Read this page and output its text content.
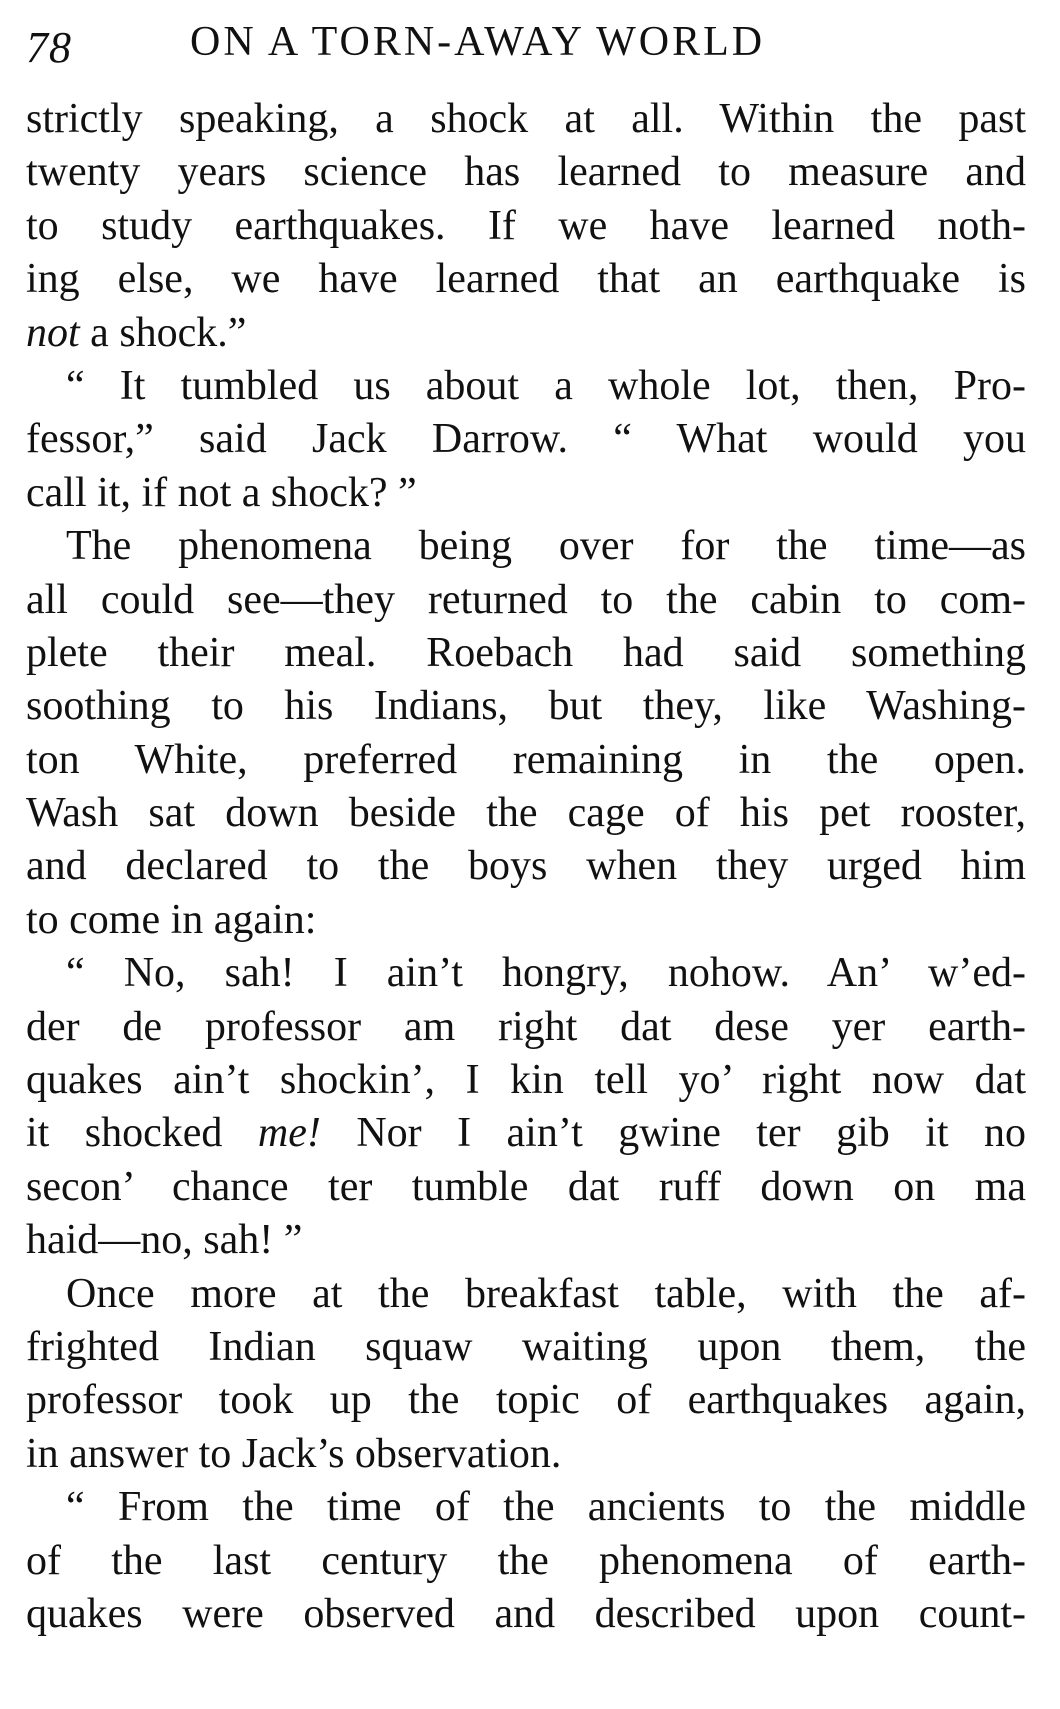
78	ON A TORN-AWAY WORLD
strictly speaking, a shock at all. Within the past
twenty years science has learned to measure and
to study earthquakes. If we have learned noth-
ing else, we have learned that an earthquake is
not a shock.”
“ It tumbled us about a whole lot, then, Pro-
fessor,” said Jack Darrow. “ What would you
call it, if not a shock? ”
The phenomena being over for the time—as
all could see—they returned to the cabin to com-
plete their meal. Roebach had said something
soothing to his Indians, but they, like Washing-
ton White, preferred remaining in the open.
Wash sat down beside the cage of his pet rooster,
and declared to the boys when they urged him
to come in again:
“ No, sah! I ain’t hongry, nohow. An’ w’ed-
der de professor am right dat dese yer earth-
quakes ain’t shockin’, I kin tell yo’ right now dat
it shocked me! Nor I ain’t gwine ter gib it no
secon’ chance ter tumble dat ruff down on ma
haid—no, sah! ”
Once more at the breakfast table, with the af-
frighted Indian squaw waiting upon them, the
professor took up the topic of earthquakes again,
in answer to Jack’s observation.
“ From the time of the ancients to the middle
of the last century the phenomena of earth-
quakes were observed and described upon count-
